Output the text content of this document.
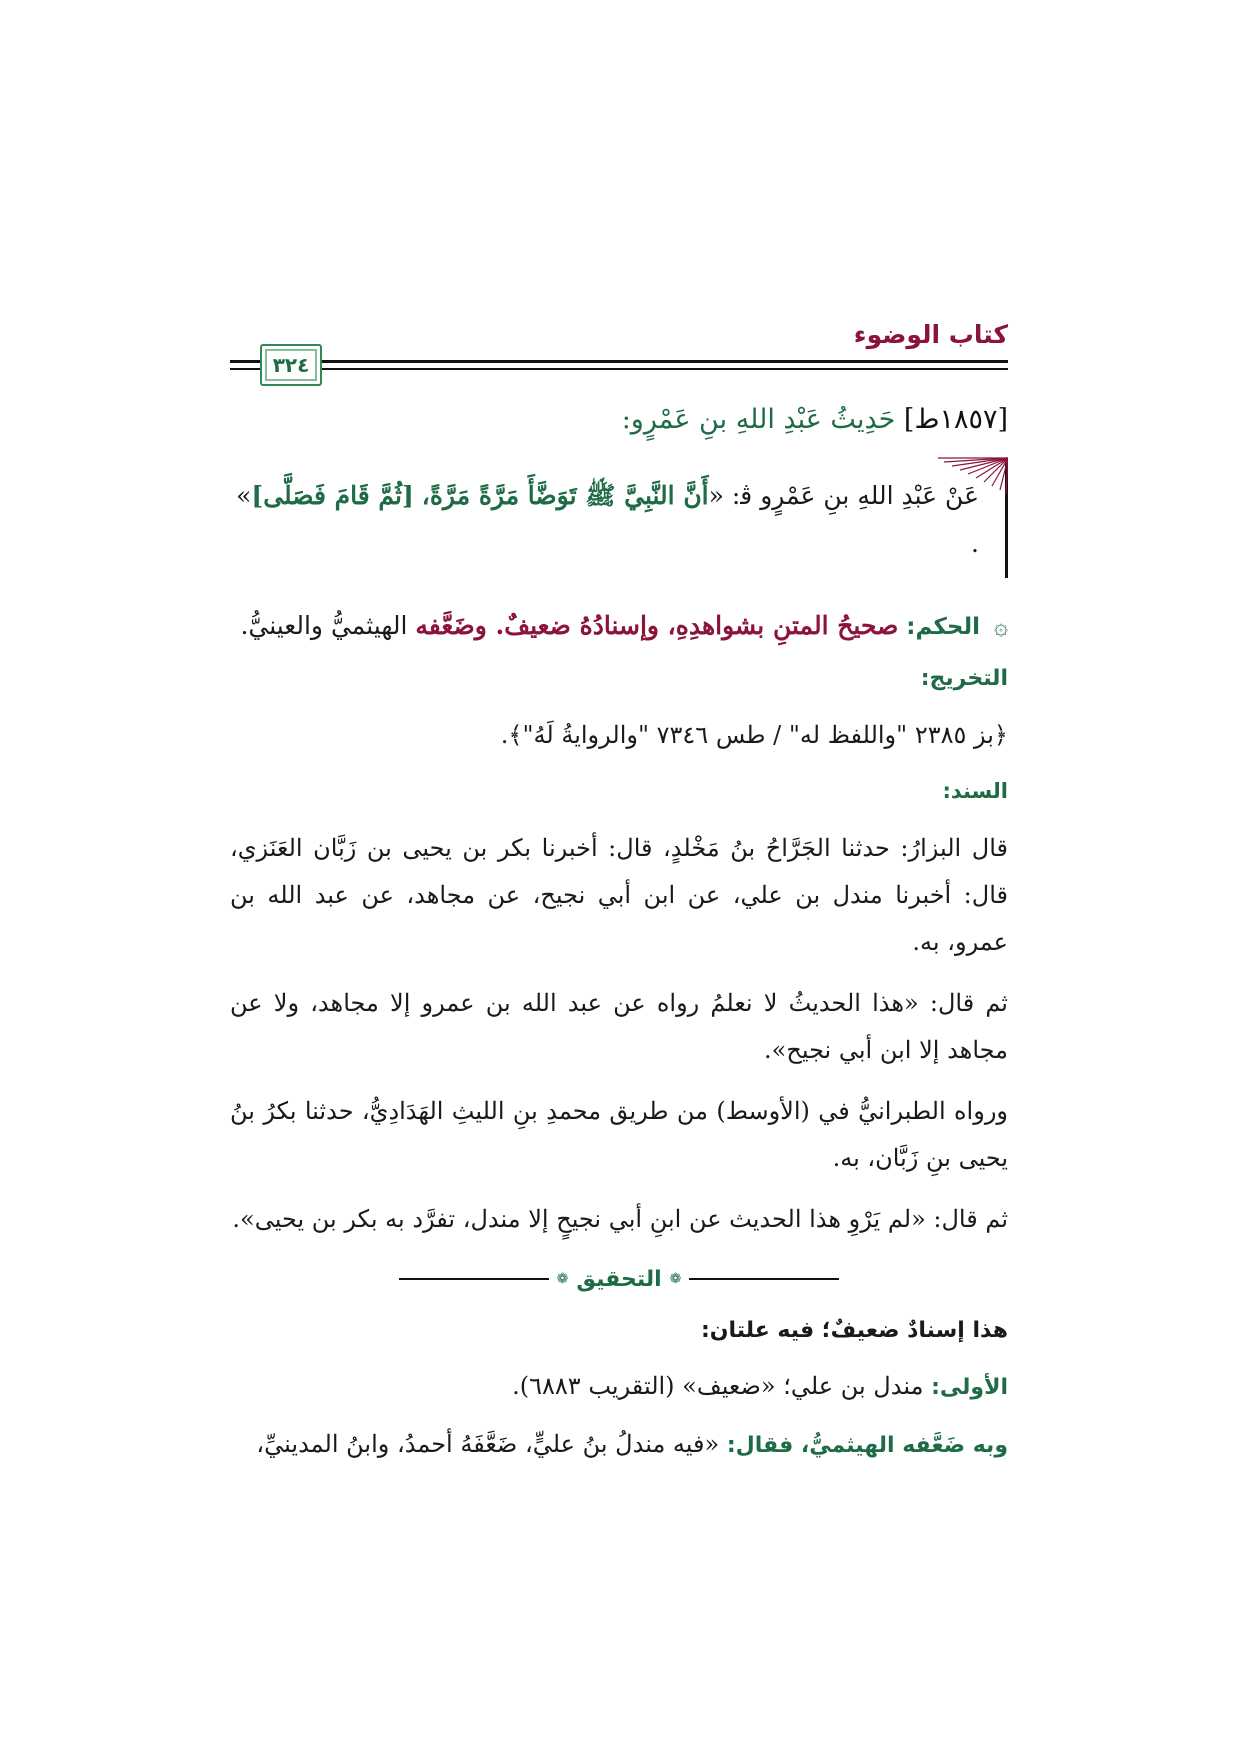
كتاب الوضوء
٣٢٤
[١٨٥٧ط] حَدِيثُ عَبْدِ اللهِ بنِ عَمْرٍو:

عَنْ عَبْدِ اللهِ بنِ عَمْرٍو ﭬ: «أَنَّ النَّبِيَّ ﷺ تَوَضَّأَ مَرَّةً مَرَّةً، [ثُمَّ قَامَ فَصَلَّى]» .

۞ الحكم: صحيحُ المتنِ بشواهدِهِ، وإسنادُهُ ضعيفٌ. وضَعَّفه الهيثميُّ والعينيُّ.
التخريج:
﴿بز ٢٣٨٥ "واللفظ له" / طس ٧٣٤٦ "والروايةُ لَهُ"﴾.
السند:

قال البزارُ: حدثنا الجَرَّاحُ بنُ مَخْلدٍ، قال: أخبرنا بكر بن يحيى بن زَبَّان العَنَزي، قال: أخبرنا مندل بن علي، عن ابن أبي نجيح، عن مجاهد، عن عبد الله بن عمرو، به.

ثم قال: «هذا الحديثُ لا نعلمُ رواه عن عبد الله بن عمرو إلا مجاهد، ولا عن مجاهد إلا ابن أبي نجيح».

ورواه الطبرانيُّ في (الأوسط) من طريق محمدِ بنِ الليثِ الهَدَادِيُّ، حدثنا بكرُ بنُ يحيى بنِ زَبَّان، به.

ثم قال: «لم يَرْوِ هذا الحديث عن ابنِ أبي نجيحٍ إلا مندل، تفرَّد به بكر بن يحيى».

❁
التحقيق
❁
هذا إسنادٌ ضعيفٌ؛ فيه علتان:
الأولى: مندل بن علي؛ «ضعيف» (التقريب ٦٨٨٣).
وبه ضَعَّفه الهيثميُّ، فقال: «فيه مندلُ بنُ عليٍّ، ضَعَّفَهُ أحمدُ، وابنُ المدينيِّ،
